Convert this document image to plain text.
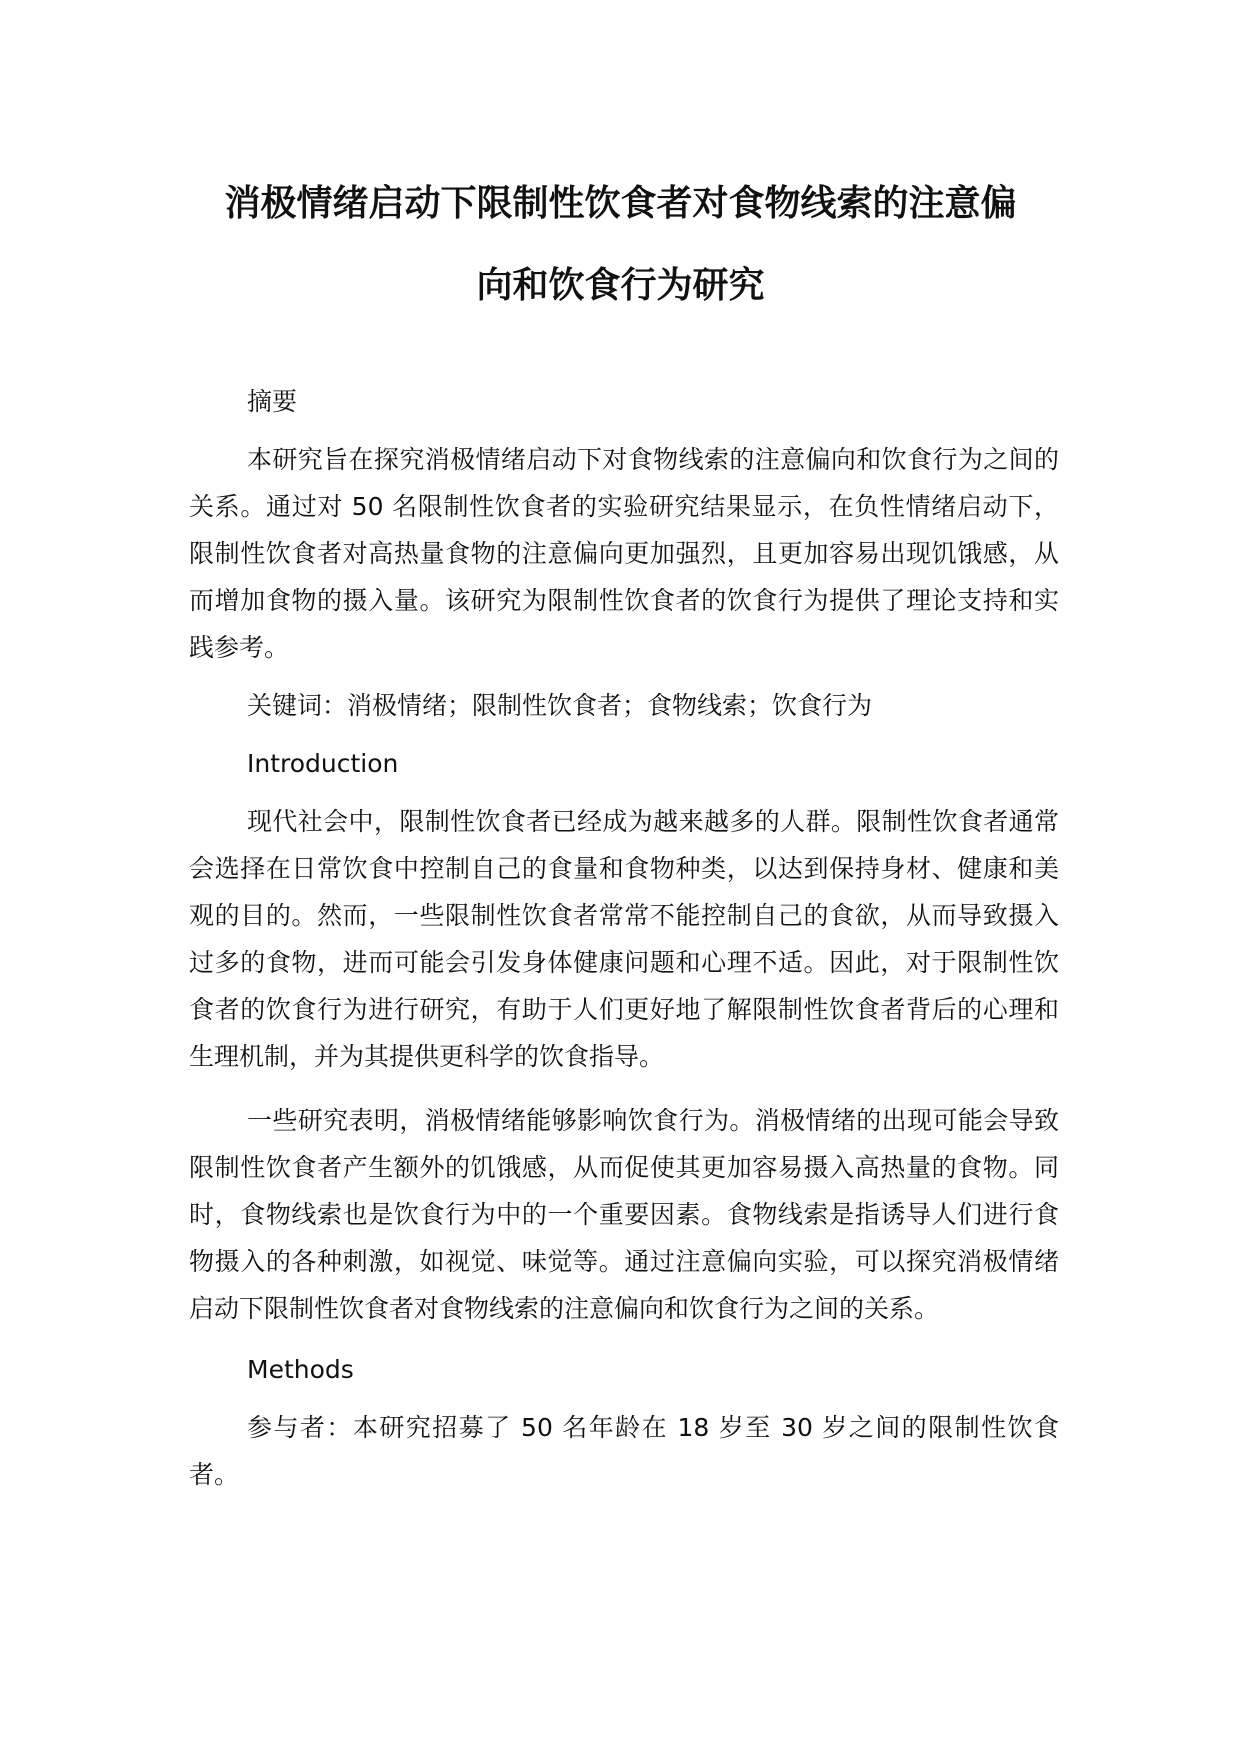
消极情绪启动下限制性饮食者对食物线索的注意偏
向和饮食行为研究

摘要

本研究旨在探究消极情绪启动下对食物线索的注意偏向和饮食行为之间的关系。通过对 50 名限制性饮食者的实验研究结果显示，在负性情绪启动下，限制性饮食者对高热量食物的注意偏向更加强烈，且更加容易出现饥饿感，从而增加食物的摄入量。该研究为限制性饮食者的饮食行为提供了理论支持和实践参考。

关键词：消极情绪；限制性饮食者；食物线索；饮食行为

Introduction

现代社会中，限制性饮食者已经成为越来越多的人群。限制性饮食者通常会选择在日常饮食中控制自己的食量和食物种类，以达到保持身材、健康和美观的目的。然而，一些限制性饮食者常常不能控制自己的食欲，从而导致摄入过多的食物，进而可能会引发身体健康问题和心理不适。因此，对于限制性饮食者的饮食行为进行研究，有助于人们更好地了解限制性饮食者背后的心理和生理机制，并为其提供更科学的饮食指导。

一些研究表明，消极情绪能够影响饮食行为。消极情绪的出现可能会导致限制性饮食者产生额外的饥饿感，从而促使其更加容易摄入高热量的食物。同时，食物线索也是饮食行为中的一个重要因素。食物线索是指诱导人们进行食物摄入的各种刺激，如视觉、味觉等。通过注意偏向实验，可以探究消极情绪启动下限制性饮食者对食物线索的注意偏向和饮食行为之间的关系。

Methods

参与者：本研究招募了 50 名年龄在 18 岁至 30 岁之间的限制性饮食者。
